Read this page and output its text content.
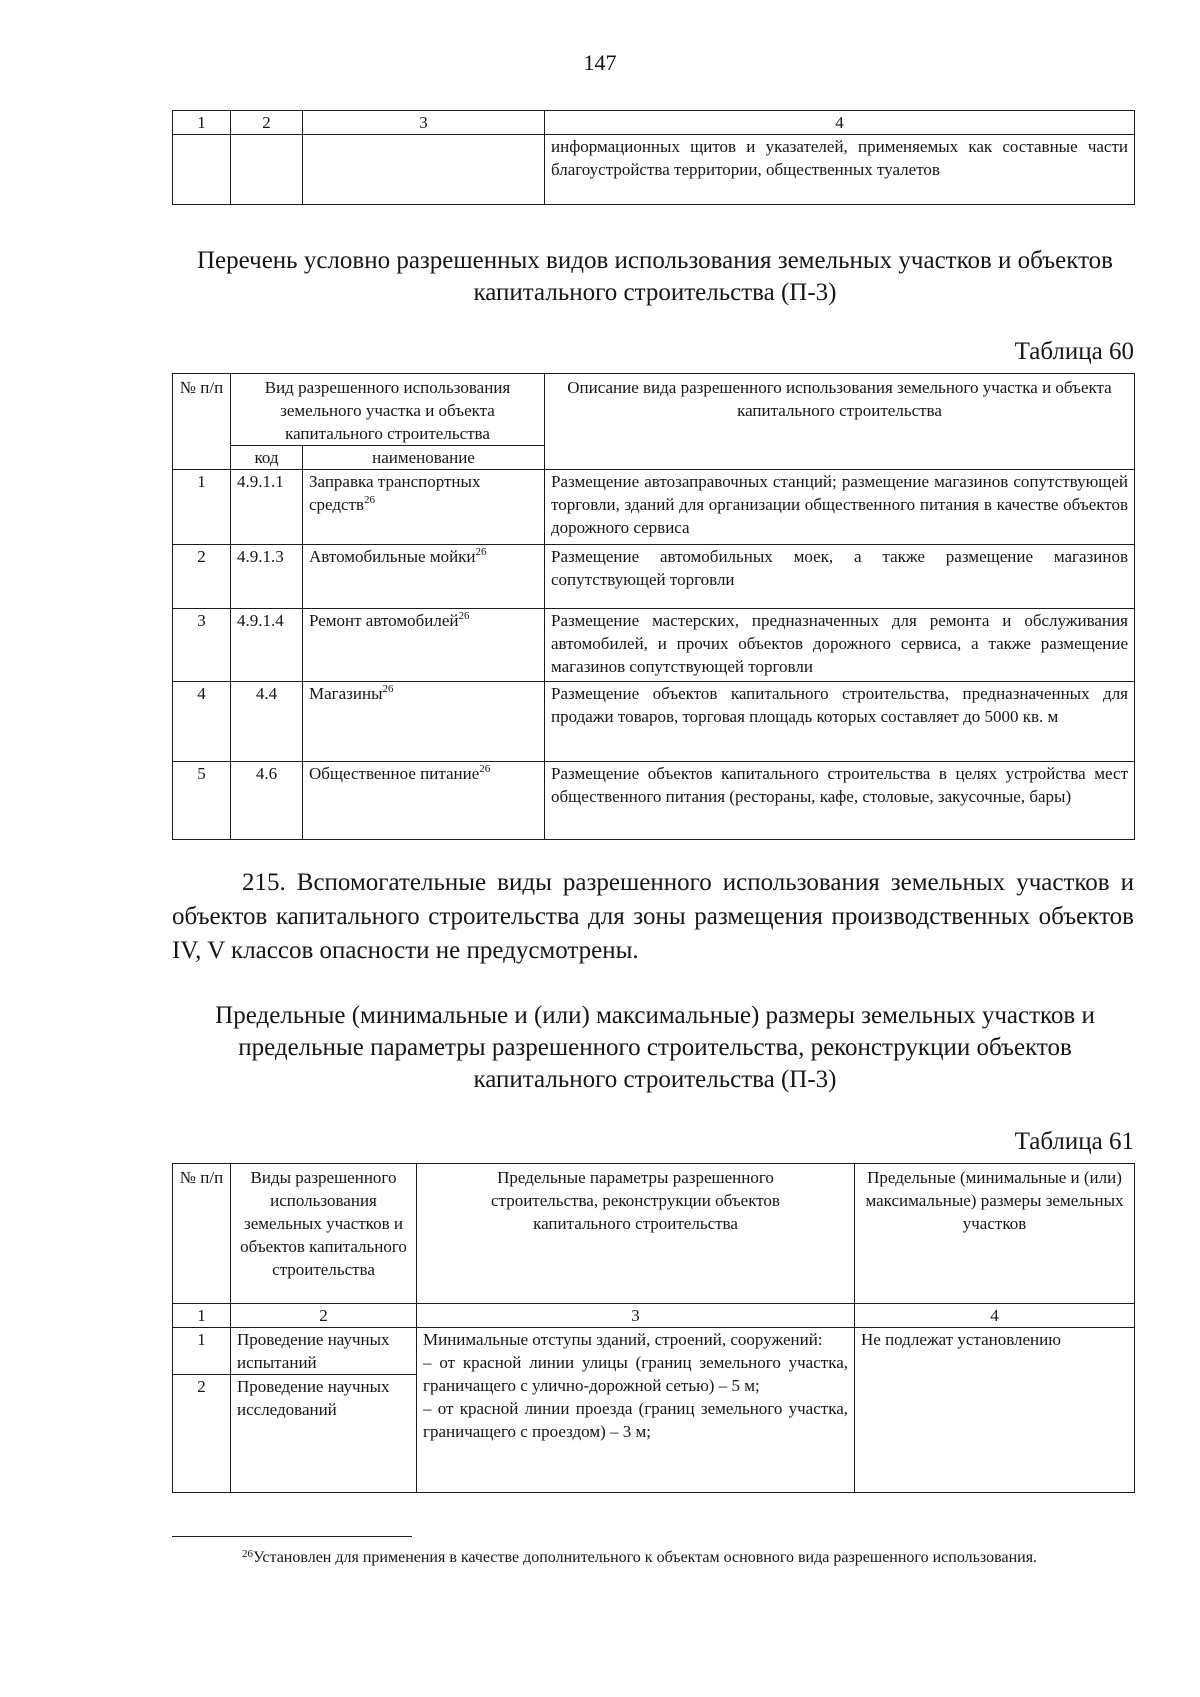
147
1	2	3	4
			информационных щитов и указателей, применяемых как составные части благоустройства территории, общественных туалетов
Перечень условно разрешенных видов использования земельных участков и объектов капитального строительства (П-3)
Таблица 60
№ п/п	Вид разрешенного использования земельного участка и объекта капитального строительства		Описание вида разрешенного использования земельного участка и объекта капитального строительства
	код	наименование	
1	4.9.1.1	Заправка транспортных средств$^{26}$	Размещение автозаправочных станций; размещение магазинов сопутствующей торговли, зданий для организации общественного питания в качестве объектов дорожного сервиса
2	4.9.1.3	Автомобильные мойки$^{26}$	Размещение автомобильных моек, а также размещение магазинов сопутствующей торговли
3	4.9.1.4	Ремонт автомобилей$^{26}$	Размещение мастерских, предназначенных для ремонта и обслуживания автомобилей, и прочих объектов дорожного сервиса, а также размещение магазинов сопутствующей торговли
4	4.4	Магазины$^{26}$	Размещение объектов капитального строительства, предназначенных для продажи товаров, торговая площадь которых составляет до 5000 кв. м
5	4.6	Общественное питание$^{26}$	Размещение объектов капитального строительства в целях устройства мест общественного питания (рестораны, кафе, столовые, закусочные, бары)
215. Вспомогательные виды разрешенного использования земельных участков и объектов капитального строительства для зоны размещения производственных объектов IV, V классов опасности не предусмотрены.
Предельные (минимальные и (или) максимальные) размеры земельных участков и предельные параметры разрешенного строительства, реконструкции объектов капитального строительства (П-3)
Таблица 61
№ п/п	Виды разрешенного использования земельных участков и объектов капитального строительства	Предельные параметры разрешенного строительства, реконструкции объектов капитального строительства	Предельные (минимальные и (или) максимальные) размеры земельных участков
1	2	3	4
1	Проведение научных испытаний	Минимальные отступы зданий, строений, сооружений:
– от красной линии улицы (границ земельного участка, граничащего с улично-дорожной сетью) – 5 м;
– от красной линии проезда (границ земельного участка, граничащего с проездом) – 3 м;	Не подлежат установлению
2	Проведение научных исследований		
$^{26}$Установлен для применения в качестве дополнительного к объектам основного вида разрешенного использования.
